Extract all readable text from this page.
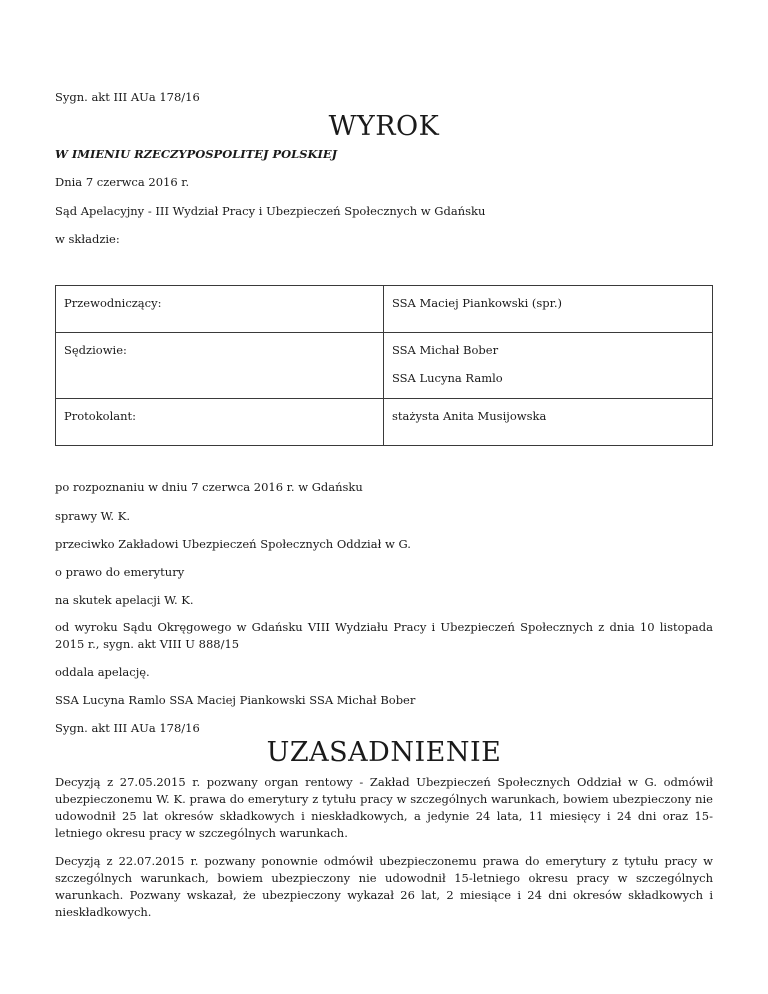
Sygn. akt III AUa 178/16

WYROK

W IMIENIU RZECZYPOSPOLITEJ POLSKIEJ

Dnia 7 czerwca 2016 r.

Sąd Apelacyjny - III Wydział Pracy i Ubezpieczeń Społecznych w Gdańsku

w składzie:

Przewodniczący:	SSA Maciej Piankowski (spr.)

Sędziowie:	SSA Michał Bober
SSA Lucyna Ramlo

Protokolant:	stażysta Anita Musijowska

po rozpoznaniu w dniu 7 czerwca 2016 r. w Gdańsku

sprawy W. K.

przeciwko Zakładowi Ubezpieczeń Społecznych Oddział w G.

o prawo do emerytury

na skutek apelacji W. K.

od wyroku Sądu Okręgowego w Gdańsku VIII Wydziału Pracy i Ubezpieczeń Społecznych z dnia 10 listopada 2015 r., sygn. akt VIII U 888/15

oddala apelację.

SSA Lucyna Ramlo SSA Maciej Piankowski SSA Michał Bober

Sygn. akt III AUa 178/16

UZASADNIENIE

Decyzją z 27.05.2015 r. pozwany organ rentowy - Zakład Ubezpieczeń Społecznych Oddział w G. odmówił ubezpieczonemu W. K. prawa do emerytury z tytułu pracy w szczególnych warunkach, bowiem ubezpieczony nie udowodnił 25 lat okresów składkowych i nieskładkowych, a jedynie 24 lata, 11 miesięcy i 24 dni oraz 15-letniego okresu pracy w szczególnych warunkach.

Decyzją z 22.07.2015 r. pozwany ponownie odmówił ubezpieczonemu prawa do emerytury z tytułu pracy w szczególnych warunkach, bowiem ubezpieczony nie udowodnił 15-letniego okresu pracy w szczególnych warunkach. Pozwany wskazał, że ubezpieczony wykazał 26 lat, 2 miesiące i 24 dni okresów składkowych i nieskładkowych.
